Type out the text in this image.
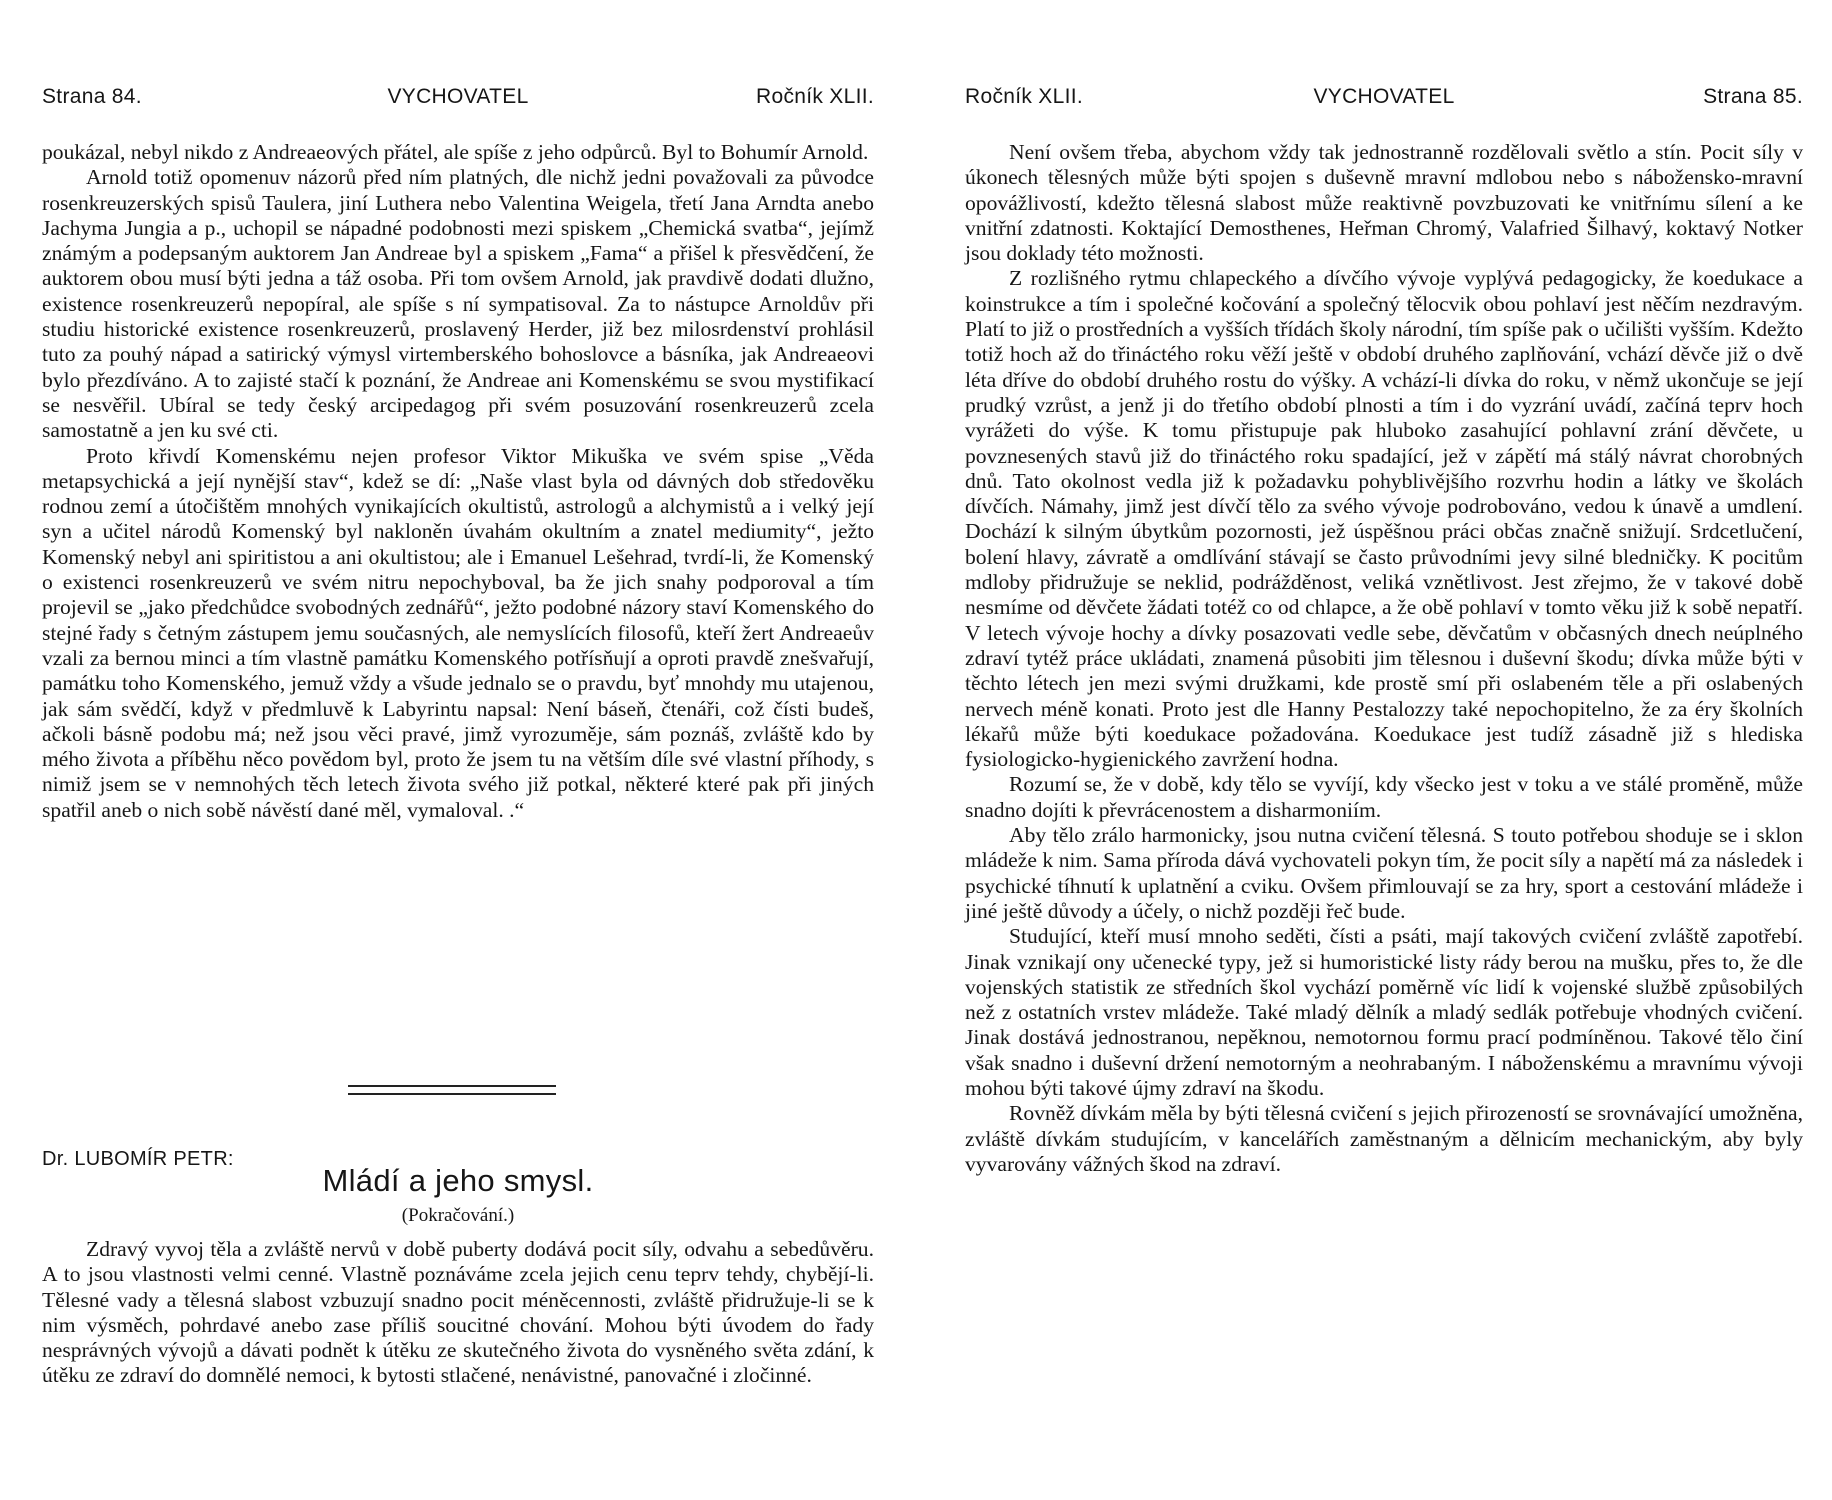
Strana 84.	VYCHOVATEL	Ročník XLII.

poukázal, nebyl nikdo z Andreaeových přátel, ale spíše z jeho odpůrců. Byl to Bohumír Arnold.

Arnold totiž opomenuv názorů před ním platných, dle nichž jedni považovali za původce rosenkreuzerských spisů Taulera, jiní Luthera nebo Valentina Weigela, třetí Jana Arndta anebo Jachyma Jungia a p., uchopil se nápadné podobnosti mezi spiskem „Chemická svatba“, jejímž známým a podepsaným auktorem Jan Andreae byl a spiskem „Fama“ a přišel k přesvědčení, že auktorem obou musí býti jedna a táž osoba. Při tom ovšem Arnold, jak pravdivě dodati dlužno, existence rosenkreuzerů nepopíral, ale spíše s ní sympatisoval. Za to nástupce Arnoldův při studiu historické existence rosenkreuzerů, proslavený Herder, již bez milosrdenství prohlásil tuto za pouhý nápad a satirický výmysl virtemberského bohoslovce a básníka, jak Andreaeovi bylo přezdíváno. A to zajisté stačí k poznání, že Andreae ani Komenskému se svou mystifikací se nesvěřil. Ubíral se tedy český arcipedagog při svém posuzování rosenkreuzerů zcela samostatně a jen ku své cti.

Proto křivdí Komenskému nejen profesor Viktor Mikuška ve svém spise „Věda metapsychická a její nynější stav“, kdež se dí: „Naše vlast byla od dávných dob středověku rodnou zemí a útočištěm mnohých vynikajících okultistů, astrologů a alchymistů a i velký její syn a učitel národů Komenský byl nakloněn úvahám okultním a znatel mediumity“, ježto Komenský nebyl ani spiritistou a ani okultistou; ale i Emanuel Lešehrad, tvrdí-li, že Komenský o existenci rosenkreuzerů ve svém nitru nepochyboval, ba že jich snahy podporoval a tím projevil se „jako předchůdce svobodných zednářů“, ježto podobné názory staví Komenského do stejné řady s četným zástupem jemu současných, ale nemyslících filosofů, kteří žert Andreaeův vzali za bernou minci a tím vlastně památku Komenského potřísňují a oproti pravdě znešvařují, památku toho Komenského, jemuž vždy a všude jednalo se o pravdu, byť mnohdy mu utajenou, jak sám svědčí, když v předmluvě k Labyrintu napsal: Není báseň, čtenáři, což čísti budeš, ačkoli básně podobu má; než jsou věci pravé, jimž vyrozuměje, sám poznáš, zvláště kdo by mého života a příběhu něco povědom byl, proto že jsem tu na větším díle své vlastní příhody, s nimiž jsem se v nemnohých těch letech života svého již potkal, některé které pak při jiných spatřil aneb o nich sobě návěstí dané měl, vymaloval. .“

Dr. LUBOMÍR PETR:
Mládí a jeho smysl.
(Pokračování.)

Zdravý vyvoj těla a zvláště nervů v době puberty dodává pocit síly, odvahu a sebedůvěru. A to jsou vlastnosti velmi cenné. Vlastně poznáváme zcela jejich cenu teprv tehdy, chybějí-li. Tělesné vady a tělesná slabost vzbuzují snadno pocit méněcennosti, zvláště přidružuje-li se k nim výsměch, pohrdavé anebo zase příliš soucitné chování. Mohou býti úvodem do řady nesprávných vývojů a dávati podnět k útěku ze skutečného života do vysněného světa zdání, k útěku ze zdraví do domnělé nemoci, k bytosti stlačené, nenávistné, panovačné i zločinné.

Ročník XLII.	VYCHOVATEL	Strana 85.

Není ovšem třeba, abychom vždy tak jednostranně rozdělovali světlo a stín. Pocit síly v úkonech tělesných může býti spojen s duševně mravní mdlobou nebo s nábožensko-mravní opovážlivostí, kdežto tělesná slabost může reaktivně povzbuzovati ke vnitřnímu sílení a ke vnitřní zdatnosti. Koktající Demosthenes, Heřman Chromý, Valafried Šilhavý, koktavý Notker jsou doklady této možnosti.

Z rozlišného rytmu chlapeckého a dívčího vývoje vyplývá pedagogicky, že koedukace a koinstrukce a tím i společné kočování a společný tělocvik obou pohlaví jest něčím nezdravým. Platí to již o prostředních a vyšších třídách školy národní, tím spíše pak o učilišti vyšším. Kdežto totiž hoch až do třináctého roku věží ještě v období druhého zaplňování, vchází děvče již o dvě léta dříve do období druhého rostu do výšky. A vchází-li dívka do roku, v němž ukončuje se její prudký vzrůst, a jenž ji do třetího období plnosti a tím i do vyzrání uvádí, začíná teprv hoch vyrážeti do výše. K tomu přistupuje pak hluboko zasahující pohlavní zrání děvčete, u povznesených stavů již do třináctého roku spadající, jež v zápětí má stálý návrat chorobných dnů. Tato okolnost vedla již k požadavku pohyblivějšího rozvrhu hodin a látky ve školách dívčích. Námahy, jimž jest dívčí tělo za svého vývoje podrobováno, vedou k únavě a umdlení. Dochází k silným úbytkům pozornosti, jež úspěšnou práci občas značně snižují. Srdcetlučení, bolení hlavy, závratě a omdlívání stávají se často průvodními jevy silné bledničky. K pocitům mdloby přidružuje se neklid, podrážděnost, veliká vznětlivost. Jest zřejmo, že v takové době nesmíme od děvčete žádati totéž co od chlapce, a že obě pohlaví v tomto věku již k sobě nepatří. V letech vývoje hochy a dívky posazovati vedle sebe, děvčatům v občasných dnech neúplného zdraví tytéž práce ukládati, znamená působiti jim tělesnou i duševní škodu; dívka může býti v těchto létech jen mezi svými družkami, kde prostě smí při oslabeném těle a při oslabených nervech méně konati. Proto jest dle Hanny Pestalozzy také nepochopitelno, že za éry školních lékařů může býti koedukace požadována. Koedukace jest tudíž zásadně již s hlediska fysiologicko-hygienického zavržení hodna.

Rozumí se, že v době, kdy tělo se vyvíjí, kdy všecko jest v toku a ve stálé proměně, může snadno dojíti k převrácenostem a disharmoniím.

Aby tělo zrálo harmonicky, jsou nutna cvičení tělesná. S touto potřebou shoduje se i sklon mládeže k nim. Sama příroda dává vychovateli pokyn tím, že pocit síly a napětí má za následek i psychické tíhnutí k uplatnění a cviku. Ovšem přimlouvají se za hry, sport a cestování mládeže i jiné ještě důvody a účely, o nichž později řeč bude.

Studující, kteří musí mnoho seděti, čísti a psáti, mají takových cvičení zvláště zapotřebí. Jinak vznikají ony učenecké typy, jež si humoristické listy rády berou na mušku, přes to, že dle vojenských statistik ze středních škol vychází poměrně víc lidí k vojenské službě způsobilých než z ostatních vrstev mládeže. Také mladý dělník a mladý sedlák potřebuje vhodných cvičení. Jinak dostává jednostranou, nepěknou, nemotornou formu prací podmíněnou. Takové tělo činí však snadno i duševní držení nemotorným a neohrabaným. I náboženskému a mravnímu vývoji mohou býti takové újmy zdraví na škodu.

Rovněž dívkám měla by býti tělesná cvičení s jejich přirozeností se srovnávající umožněna, zvláště dívkám studujícím, v kancelářích zaměstnaným a dělnicím mechanickým, aby byly vyvarovány vážných škod na zdraví.
